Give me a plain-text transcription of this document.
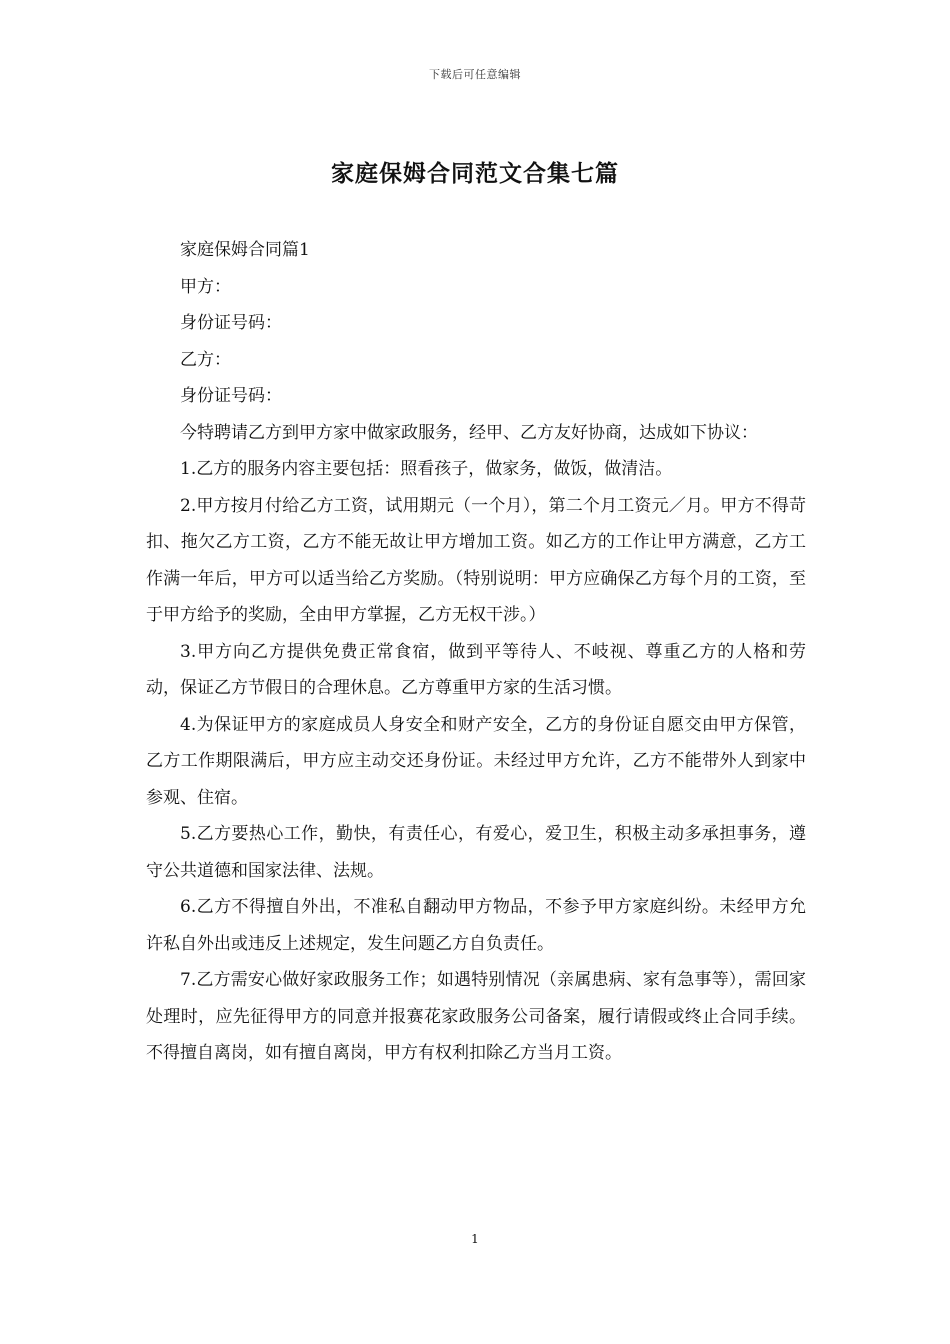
下载后可任意编辑
家庭保姆合同范文合集七篇

家庭保姆合同篇1

甲方：

身份证号码：

乙方：

身份证号码：

今特聘请乙方到甲方家中做家政服务，经甲、乙方友好协商，达成如下协议：

1.乙方的服务内容主要包括：照看孩子，做家务，做饭，做清洁。

2.甲方按月付给乙方工资，试用期元（一个月），第二个月工资元／月。甲方不得苛扣、拖欠乙方工资，乙方不能无故让甲方增加工资。如乙方的工作让甲方满意，乙方工作满一年后，甲方可以适当给乙方奖励。（特别说明：甲方应确保乙方每个月的工资，至于甲方给予的奖励，全由甲方掌握，乙方无权干涉。）

3.甲方向乙方提供免费正常食宿，做到平等待人、不岐视、尊重乙方的人格和劳动，保证乙方节假日的合理休息。乙方尊重甲方家的生活习惯。

4.为保证甲方的家庭成员人身安全和财产安全，乙方的身份证自愿交由甲方保管，乙方工作期限满后，甲方应主动交还身份证。未经过甲方允许，乙方不能带外人到家中参观、住宿。

5.乙方要热心工作，勤快，有责任心，有爱心，爱卫生，积极主动多承担事务，遵守公共道德和国家法律、法规。

6.乙方不得擅自外出，不准私自翻动甲方物品，不参予甲方家庭纠纷。未经甲方允许私自外出或违反上述规定，发生问题乙方自负责任。

7.乙方需安心做好家政服务工作；如遇特别情况（亲属患病、家有急事等），需回家处理时，应先征得甲方的同意并报赛花家政服务公司备案，履行请假或终止合同手续。不得擅自离岗，如有擅自离岗，甲方有权利扣除乙方当月工资。

1
